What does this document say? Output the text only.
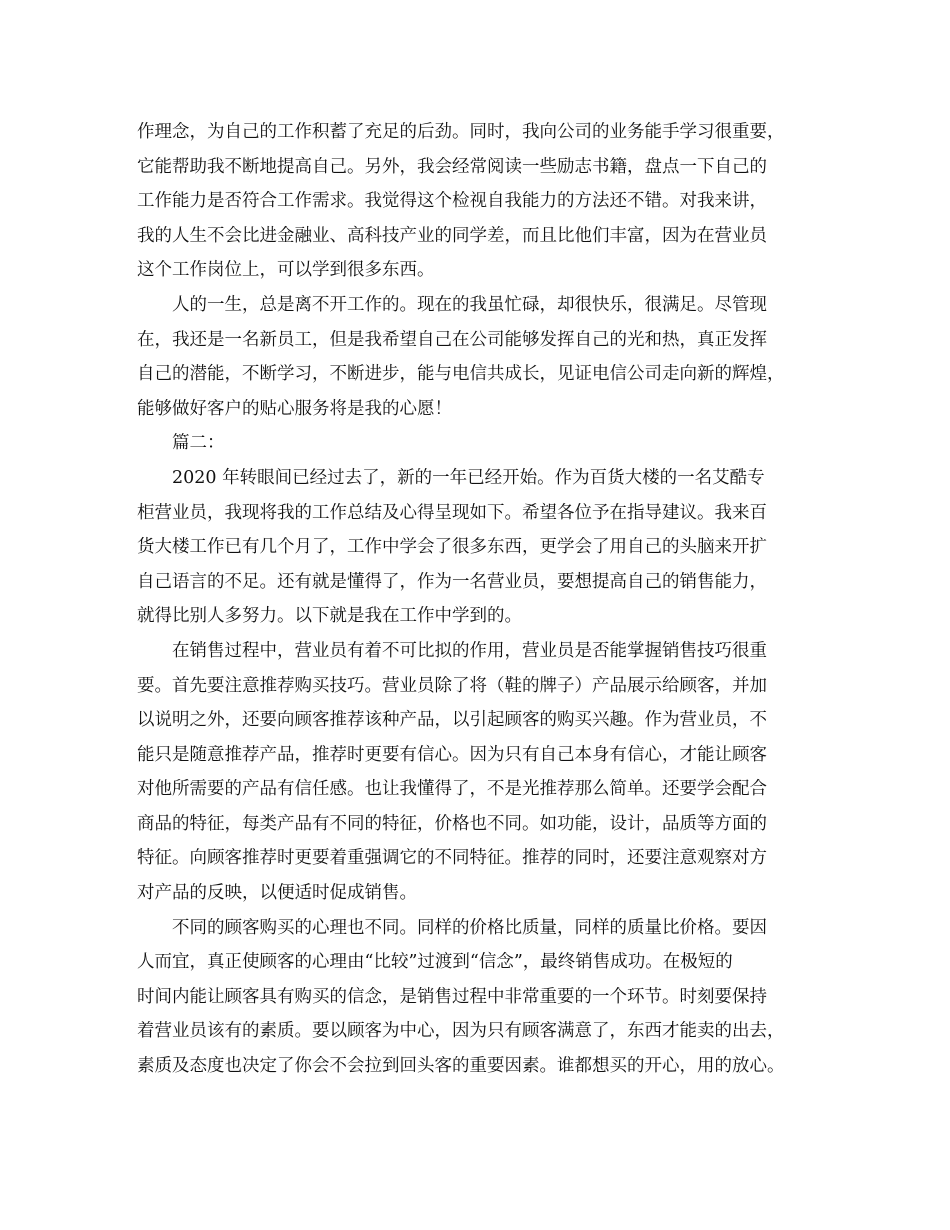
作理念，为自己的工作积蓄了充足的后劲。同时，我向公司的业务能手学习很重要，
它能帮助我不断地提高自己。另外，我会经常阅读一些励志书籍，盘点一下自己的
工作能力是否符合工作需求。我觉得这个检视自我能力的方法还不错。对我来讲，
我的人生不会比进金融业、高科技产业的同学差，而且比他们丰富，因为在营业员
这个工作岗位上，可以学到很多东西。
人的一生，总是离不开工作的。现在的我虽忙碌，却很快乐，很满足。尽管现
在，我还是一名新员工，但是我希望自己在公司能够发挥自己的光和热，真正发挥
自己的潜能，不断学习，不断进步，能与电信共成长，见证电信公司走向新的辉煌，
能够做好客户的贴心服务将是我的心愿！
篇二：
2020 年转眼间已经过去了，新的一年已经开始。作为百货大楼的一名艾酷专
柜营业员，我现将我的工作总结及心得呈现如下。希望各位予在指导建议。我来百
货大楼工作已有几个月了，工作中学会了很多东西，更学会了用自己的头脑来开扩
自己语言的不足。还有就是懂得了，作为一名营业员，要想提高自己的销售能力，
就得比别人多努力。以下就是我在工作中学到的。
在销售过程中，营业员有着不可比拟的作用，营业员是否能掌握销售技巧很重
要。首先要注意推荐购买技巧。营业员除了将（鞋的牌子）产品展示给顾客，并加
以说明之外，还要向顾客推荐该种产品，以引起顾客的购买兴趣。作为营业员，不
能只是随意推荐产品，推荐时更要有信心。因为只有自己本身有信心，才能让顾客
对他所需要的产品有信任感。也让我懂得了，不是光推荐那么简单。还要学会配合
商品的特征，每类产品有不同的特征，价格也不同。如功能，设计，品质等方面的
特征。向顾客推荐时更要着重强调它的不同特征。推荐的同时，还要注意观察对方
对产品的反映，以便适时促成销售。
不同的顾客购买的心理也不同。同样的价格比质量，同样的质量比价格。要因
人而宜，真正使顾客的心理由“比较”过渡到“信念”，最终销售成功。在极短的
时间内能让顾客具有购买的信念，是销售过程中非常重要的一个环节。时刻要保持
着营业员该有的素质。要以顾客为中心，因为只有顾客满意了，东西才能卖的出去，
素质及态度也决定了你会不会拉到回头客的重要因素。谁都想买的开心，用的放心。
